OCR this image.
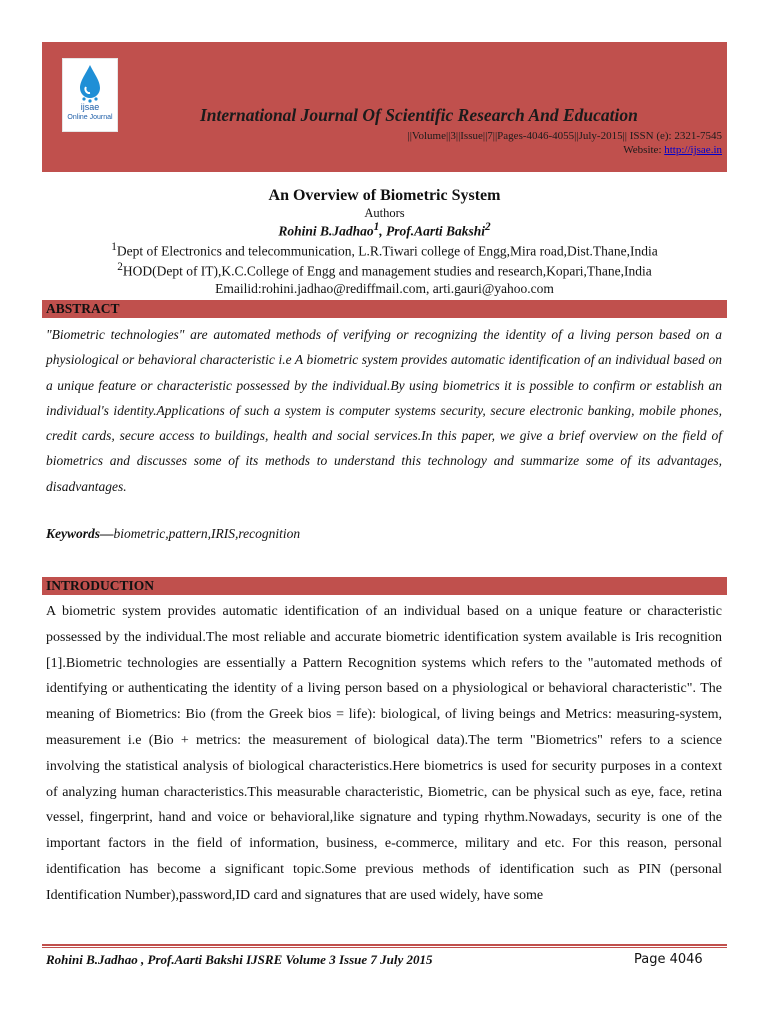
ijsae
Online Journal	International Journal Of Scientific Research And Education
||Volume||3||Issue||7||Pages-4046-4055||July-2015|| ISSN (e): 2321-7545
Website: http://ijsae.in
An Overview of Biometric System
Authors
Rohini B.Jadhao$^1$, Prof.Aarti Bakshi$^2$
$^1$Dept of Electronics and telecommunication, L.R.Tiwari college of Engg,Mira road,Dist.Thane,India
$^2$HOD(Dept of IT),K.C.College of Engg and management studies and research,Kopari,Thane,India
Emailid:rohini.jadhao@rediffmail.com, arti.gauri@yahoo.com
ABSTRACT

"Biometric technologies" are automated methods of verifying or recognizing the identity of a living person based on a physiological or behavioral characteristic i.e A biometric system provides automatic identification of an individual based on a unique feature or characteristic possessed by the individual.By using biometrics it is possible to confirm or establish an individual's identity.Applications of such a system is computer systems security, secure electronic banking, mobile phones, credit cards, secure access to buildings, health and social services.In this paper, we give a brief overview on the field of biometrics and discusses some of its methods to understand this technology and summarize some of its advantages, disadvantages.

Keywords—biometric,pattern,IRIS,recognition
INTRODUCTION

A biometric system provides automatic identification of an individual based on a unique feature or characteristic possessed by the individual.The most reliable and accurate biometric identification system available is Iris recognition [1].Biometric technologies are essentially a Pattern Recognition systems which refers to the "automated methods of identifying or authenticating the identity of a living person based on a physiological or behavioral characteristic". The meaning of Biometrics: Bio (from the Greek bios = life): biological, of living beings and Metrics: measuring-system, measurement i.e (Bio + metrics: the measurement of biological data).The term "Biometrics" refers to a science involving the statistical analysis of biological characteristics.Here biometrics is used for security purposes in a context of analyzing human characteristics.This measurable characteristic, Biometric, can be physical such as eye, face, retina vessel, fingerprint, hand and voice or behavioral,like signature and typing rhythm.Nowadays, security is one of the important factors in the field of information, business, e-commerce, military and etc. For this reason, personal identification has become a significant topic.Some previous methods of identification such as PIN (personal Identification Number),password,ID card and signatures that are used widely, have some

Rohini B.Jadhao , Prof.Aarti Bakshi IJSRE Volume 3 Issue 7 July 2015	Page 4046
